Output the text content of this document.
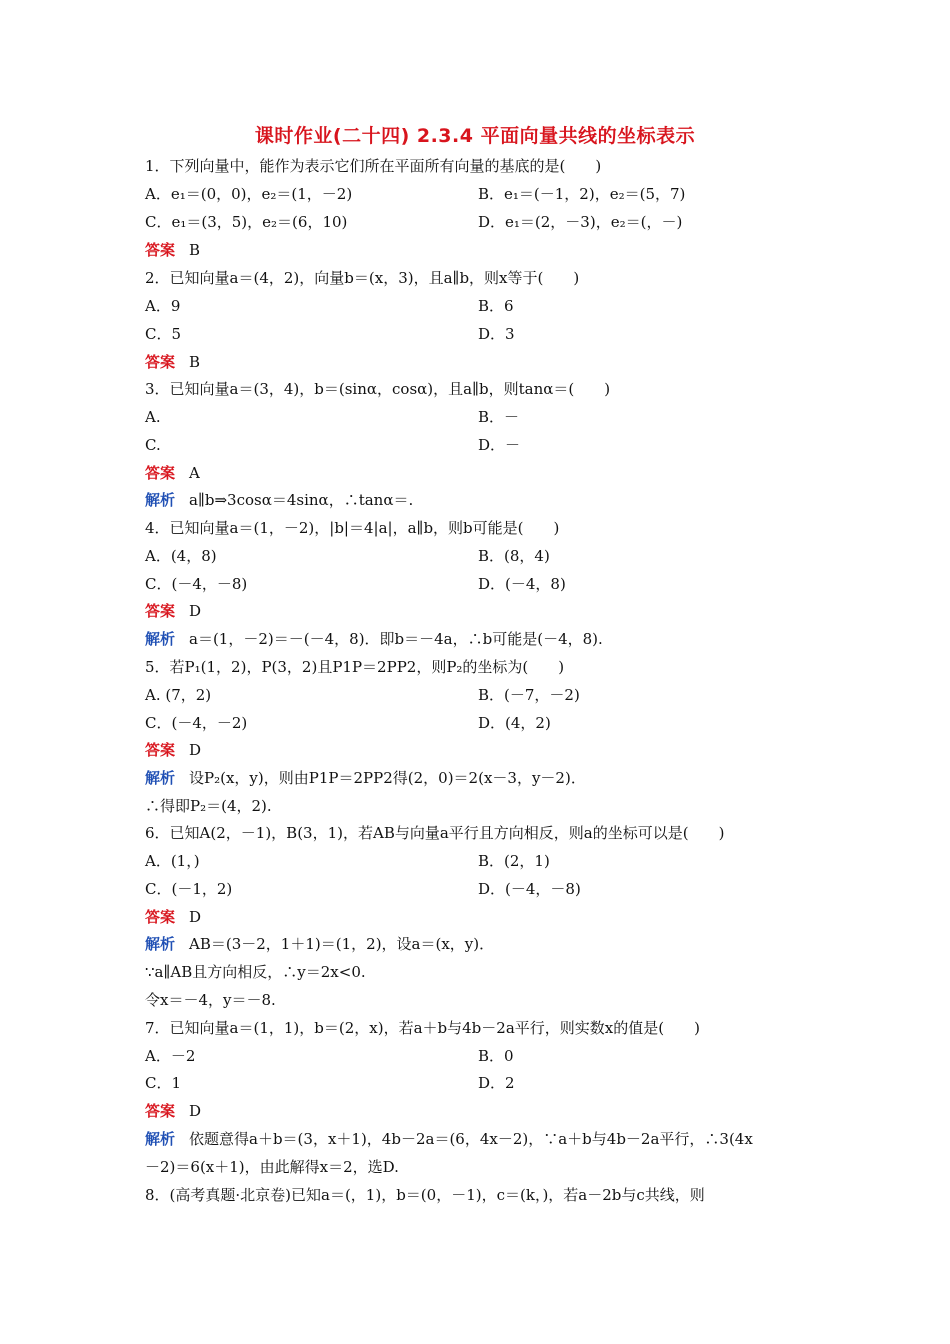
课时作业(二十四) 2.3.4 平面向量共线的坐标表示
1．下列向量中，能作为表示它们所在平面所有向量的基底的是(　　)
A．e₁＝(0，0)，e₂＝(1，－2)	B．e₁＝(－1，2)，e₂＝(5，7)
C．e₁＝(3，5)，e₂＝(6，10)	D．e₁＝(2，－3)，e₂＝(，－)
答案 B
2．已知向量a＝(4，2)，向量b＝(x，3)，且a∥b，则x等于(　　)
A．9	B．6
C．5	D．3
答案 B
3．已知向量a＝(3，4)，b＝(sinα，cosα)，且a∥b，则tanα＝(　　)
A.	B．－
C.	D．－
答案 A
解析 a∥b⇒3cosα＝4sinα，∴tanα＝.
4．已知向量a＝(1，－2)，|b|＝4|a|，a∥b，则b可能是(　　)
A．(4，8)	B．(8，4)
C．(－4，－8)	D．(－4，8)
答案 D
解析 a＝(1，－2)＝－(－4，8)．即b＝－4a，∴b可能是(－4，8).
5．若P₁(1，2)，P(3，2)且P1P＝2PP2，则P₂的坐标为(　　)
A. (7，2)	B．(－7，－2)
C．(－4，－2)	D．(4，2)
答案 D
解析 设P₂(x，y)，则由P1P＝2PP2得(2，0)＝2(x－3，y－2)．
∴得即P₂＝(4，2).
6．已知A(2，－1)，B(3，1)，若AB与向量a平行且方向相反，则a的坐标可以是(　　)
A．(1，)	B．(2，1)
C．(－1，2)	D．(－4，－8)
答案 D
解析 AB＝(3－2，1＋1)＝(1，2)，设a＝(x，y)．
∵a∥AB且方向相反，∴y＝2x<0.
令x＝－4，y＝－8.
7．已知向量a＝(1，1)，b＝(2，x)，若a＋b与4b－2a平行，则实数x的值是(　　)
A．－2	B．0
C．1	D．2
答案 D
解析 依题意得a＋b＝(3，x＋1)，4b－2a＝(6，4x－2)，∵a＋b与4b－2a平行，∴3(4x
－2)＝6(x＋1)，由此解得x＝2，选D.
8．(高考真题·北京卷)已知a＝(，1)，b＝(0，－1)，c＝(k，)，若a－2b与c共线，则
